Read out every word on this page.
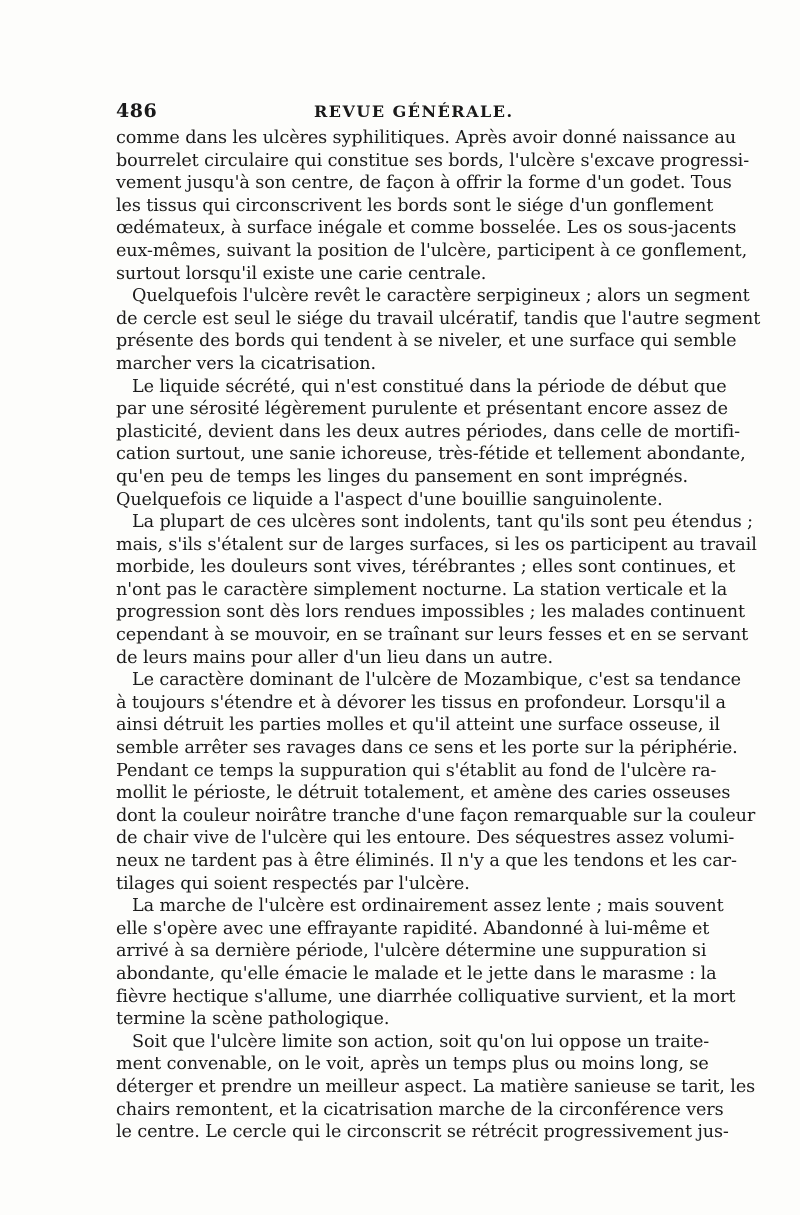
486	REVUE GÉNÉRALE.
comme dans les ulcères syphilitiques. Après avoir donné naissance au
bourrelet circulaire qui constitue ses bords, l'ulcère s'excave progressi-
vement jusqu'à son centre, de façon à offrir la forme d'un godet. Tous
les tissus qui circonscrivent les bords sont le siége d'un gonflement
œdémateux, à surface inégale et comme bosselée. Les os sous-jacents
eux-mêmes, suivant la position de l'ulcère, participent à ce gonflement,
surtout lorsqu'il existe une carie centrale.
Quelquefois l'ulcère revêt le caractère serpigineux ; alors un segment
de cercle est seul le siége du travail ulcératif, tandis que l'autre segment
présente des bords qui tendent à se niveler, et une surface qui semble
marcher vers la cicatrisation.
Le liquide sécrété, qui n'est constitué dans la période de début que
par une sérosité légèrement purulente et présentant encore assez de
plasticité, devient dans les deux autres périodes, dans celle de mortifi-
cation surtout, une sanie ichoreuse, très-fétide et tellement abondante,
qu'en peu de temps les linges du pansement en sont imprégnés.
Quelquefois ce liquide a l'aspect d'une bouillie sanguinolente.
La plupart de ces ulcères sont indolents, tant qu'ils sont peu étendus ;
mais, s'ils s'étalent sur de larges surfaces, si les os participent au travail
morbide, les douleurs sont vives, térébrantes ; elles sont continues, et
n'ont pas le caractère simplement nocturne. La station verticale et la
progression sont dès lors rendues impossibles ; les malades continuent
cependant à se mouvoir, en se traînant sur leurs fesses et en se servant
de leurs mains pour aller d'un lieu dans un autre.
Le caractère dominant de l'ulcère de Mozambique, c'est sa tendance
à toujours s'étendre et à dévorer les tissus en profondeur. Lorsqu'il a
ainsi détruit les parties molles et qu'il atteint une surface osseuse, il
semble arrêter ses ravages dans ce sens et les porte sur la périphérie.
Pendant ce temps la suppuration qui s'établit au fond de l'ulcère ra-
mollit le périoste, le détruit totalement, et amène des caries osseuses
dont la couleur noirâtre tranche d'une façon remarquable sur la couleur
de chair vive de l'ulcère qui les entoure. Des séquestres assez volumi-
neux ne tardent pas à être éliminés. Il n'y a que les tendons et les car-
tilages qui soient respectés par l'ulcère.
La marche de l'ulcère est ordinairement assez lente ; mais souvent
elle s'opère avec une effrayante rapidité. Abandonné à lui-même et
arrivé à sa dernière période, l'ulcère détermine une suppuration si
abondante, qu'elle émacie le malade et le jette dans le marasme : la
fièvre hectique s'allume, une diarrhée colliquative survient, et la mort
termine la scène pathologique.
Soit que l'ulcère limite son action, soit qu'on lui oppose un traite-
ment convenable, on le voit, après un temps plus ou moins long, se
déterger et prendre un meilleur aspect. La matière sanieuse se tarit, les
chairs remontent, et la cicatrisation marche de la circonférence vers
le centre. Le cercle qui le circonscrit se rétrécit progressivement jus-
